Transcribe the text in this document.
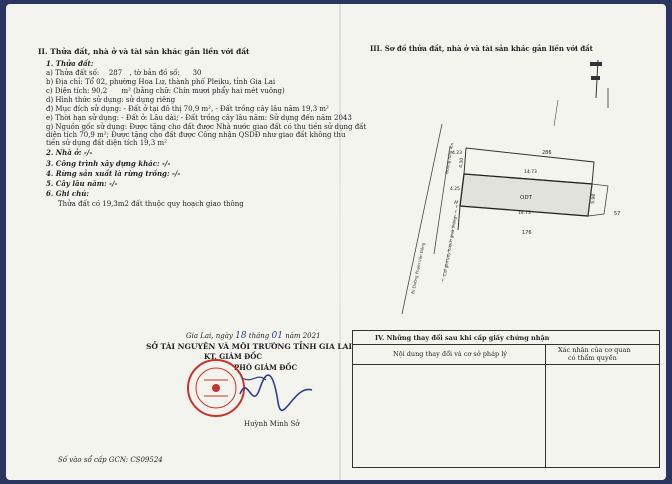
II. Thửa đất, nhà ở và tài sản khác gắn liền với đất
1. Thửa đất:
a) Thửa đất số: 287 , tờ bản đồ số: 30
b) Địa chỉ: Tổ 02, phường Hoa Lư, thành phố Pleiku, tỉnh Gia Lai
c) Diện tích: 90,2 m² (bằng chữ: Chín mươi phẩy hai mét vuông)
d) Hình thức sử dụng: sử dụng riêng
đ) Mục đích sử dụng: - Đất ở tại đô thị 70,9 m², - Đất trồng cây lâu năm 19,3 m²
e) Thời hạn sử dụng: - Đất ở: Lâu dài; - Đất trồng cây lâu năm: Sử dụng đến năm 2043
g) Nguồn gốc sử dụng: Được tặng cho đất được Nhà nước giao đất có thu tiền sử dụng đất
diện tích 70,9 m²; Được tặng cho đất được Công nhận QSDĐ như giao đất không thu
tiền sử dụng đất diện tích 19,3 m²
2. Nhà ở: -/-
3. Công trình xây dựng khác: -/-
4. Rừng sản xuất là rừng trồng: -/-
5. Cây lâu năm: -/-
6. Ghi chú:
Thửa đất có 19,3m2 đất thuộc quy hoạch giao thông
Gia Lai, ngày 18 tháng 01 năm 2021
SỞ TÀI NGUYÊN VÀ MÔI TRƯỜNG TỈNH GIA LAI
KT. GIÁM ĐỐC
PHÓ GIÁM ĐỐC
Huỳnh Minh Sở
Số vào sổ cấp GCN: CS09524
III. Sơ đồ thửa đất, nhà ở và tài sản khác gắn liền với đất
286
ODT
176
57
14.73
14.73
4.23
4.25
5.98
4.30
Đường rộng 4m
Đi Đường Phạm Văn Đồng	Chỉ giới quy hoạch giao thông
A
IV. Những thay đổi sau khi cấp giấy chứng nhận
Nội dung thay đổi và cơ sở pháp lý	Xác nhận của cơ quan
có thẩm quyền
